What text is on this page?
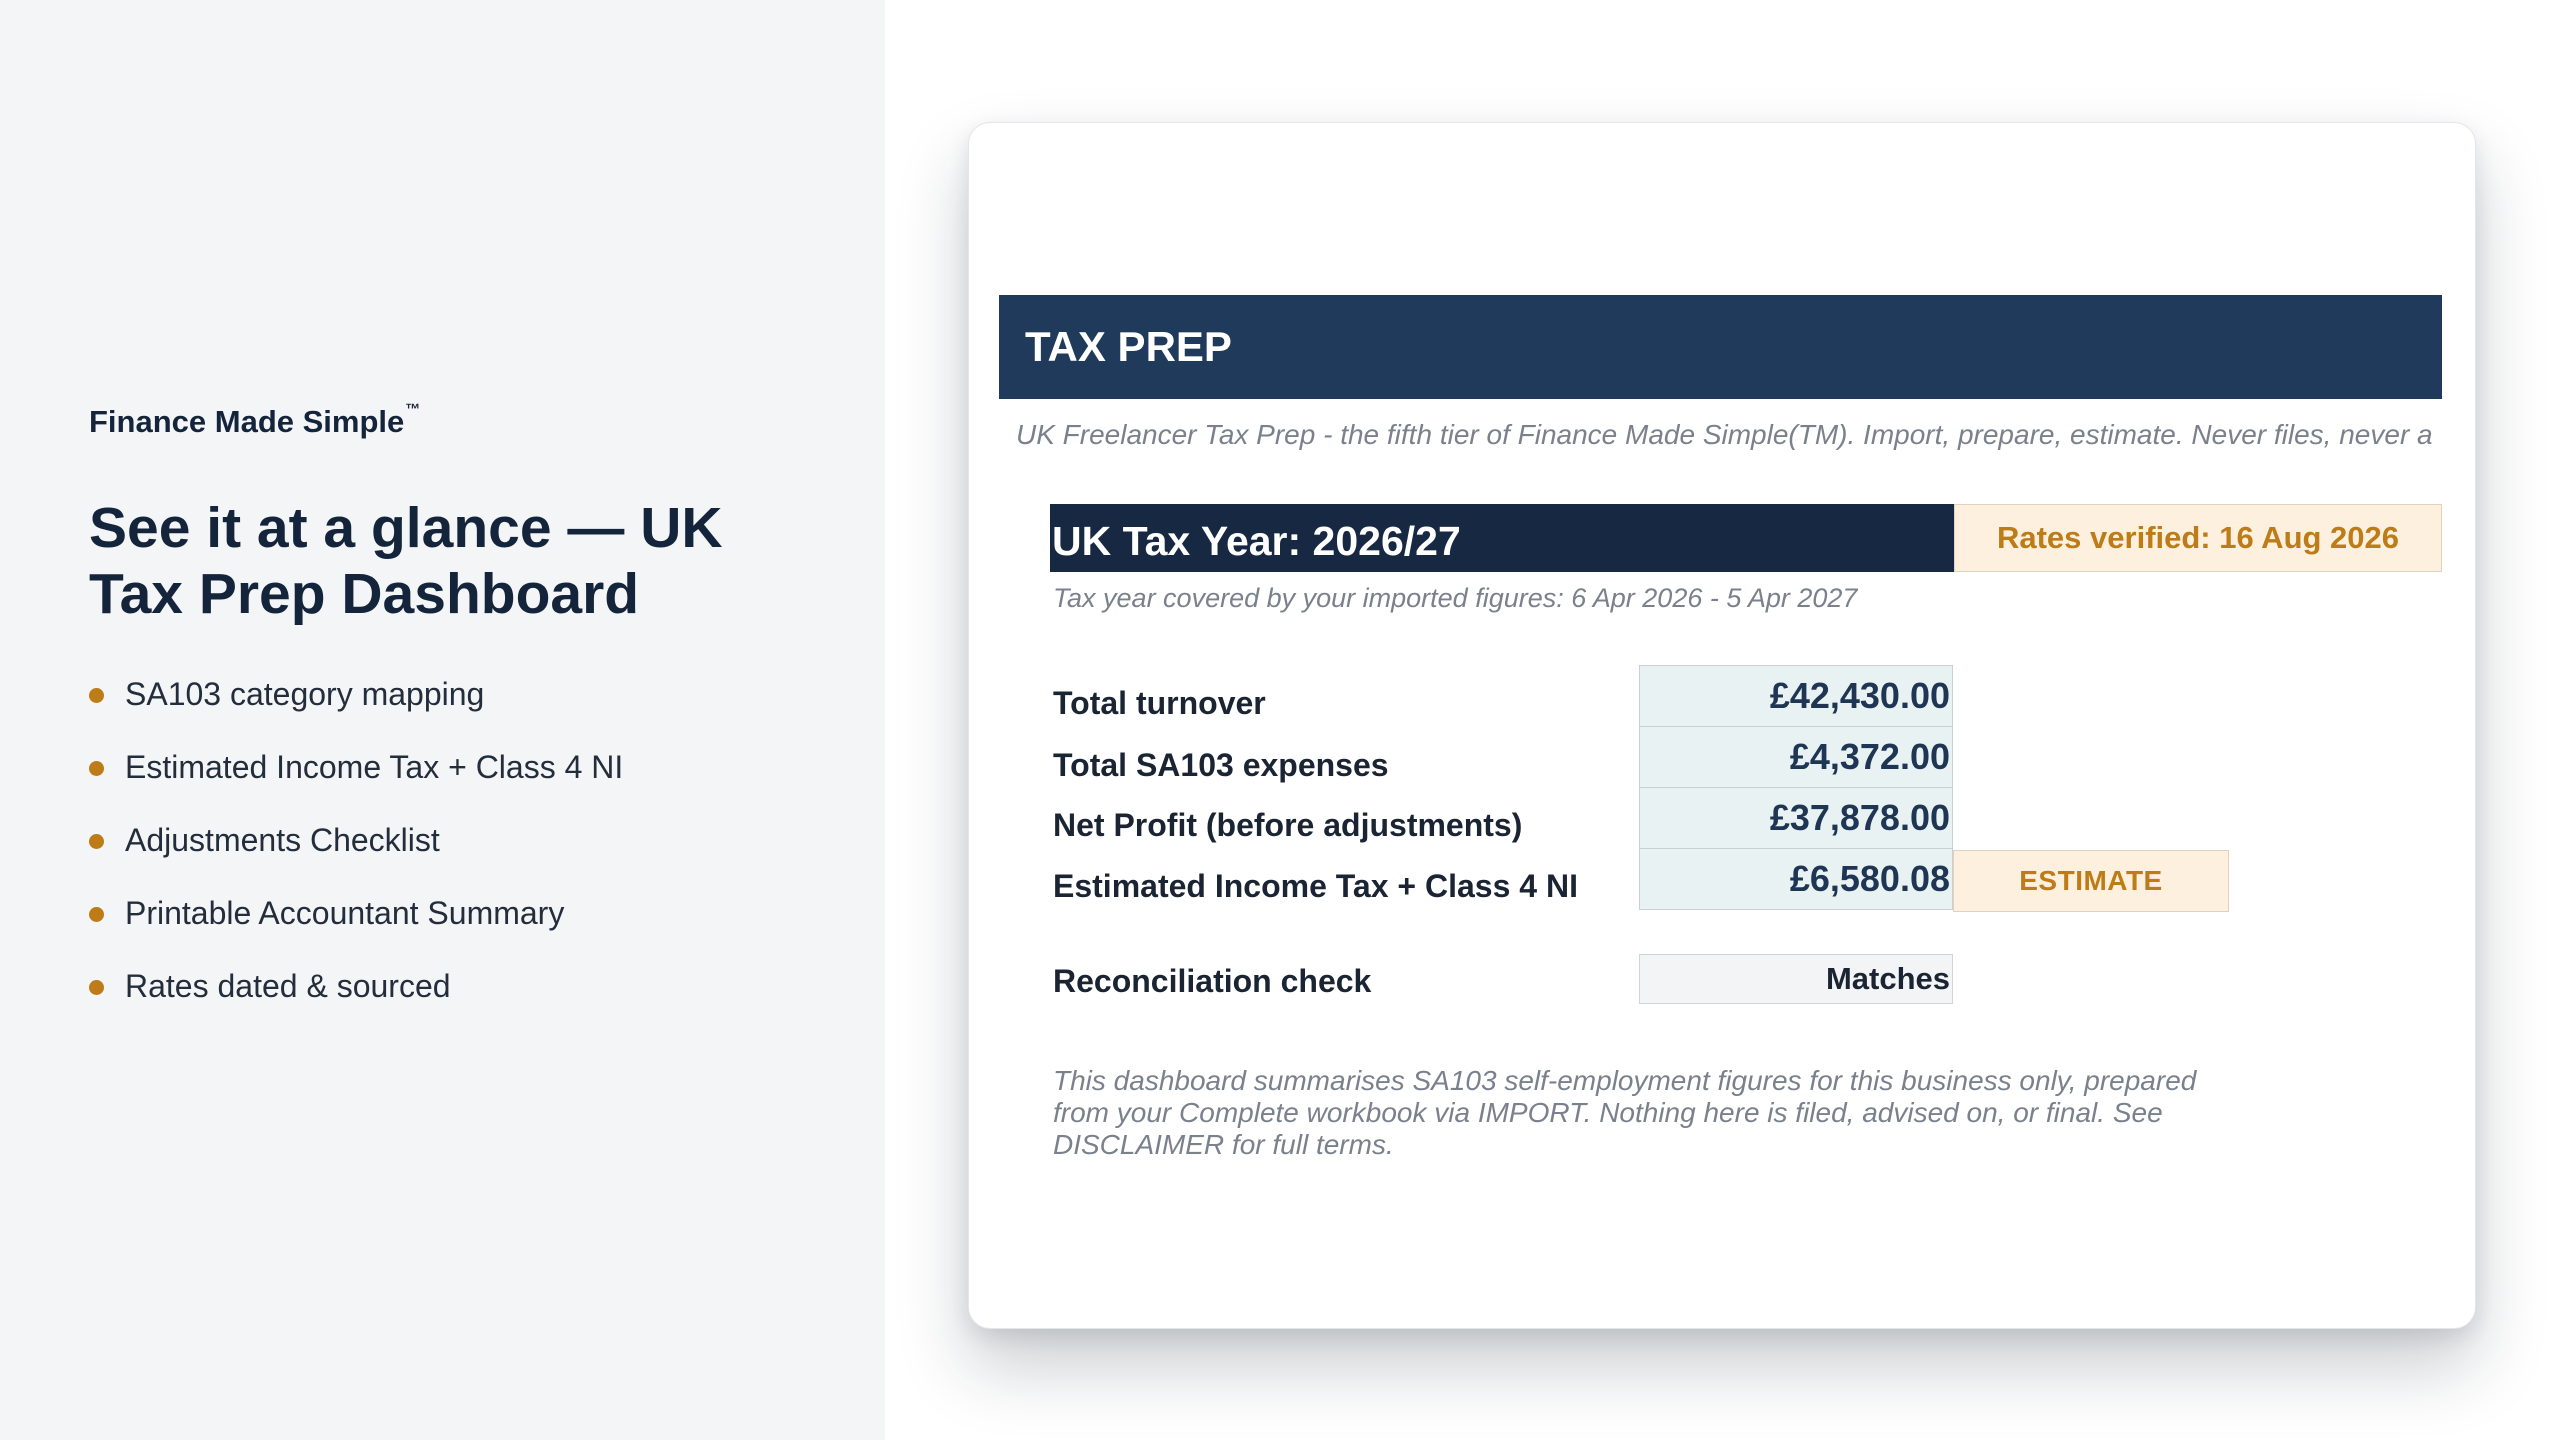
Finance Made Simple™
See it at a glance — UK Tax Prep Dashboard
SA103 category mapping
Estimated Income Tax + Class 4 NI
Adjustments Checklist
Printable Accountant Summary
Rates dated & sourced
TAX PREP
UK Freelancer Tax Prep - the fifth tier of Finance Made Simple(TM). Import, prepare, estimate. Never files, never a
UK Tax Year: 2026/27	Rates verified: 16 Aug 2026
Tax year covered by your imported figures: 6 Apr 2026 - 5 Apr 2027
Total turnover	£42,430.00
Total SA103 expenses	£4,372.00
Net Profit (before adjustments)	£37,878.00
Estimated Income Tax + Class 4 NI	£6,580.08	ESTIMATE
Reconciliation check	Matches

This dashboard summarises SA103 self-employment figures for this business only, prepared from your Complete workbook via IMPORT. Nothing here is filed, advised on, or final. See DISCLAIMER for full terms.
